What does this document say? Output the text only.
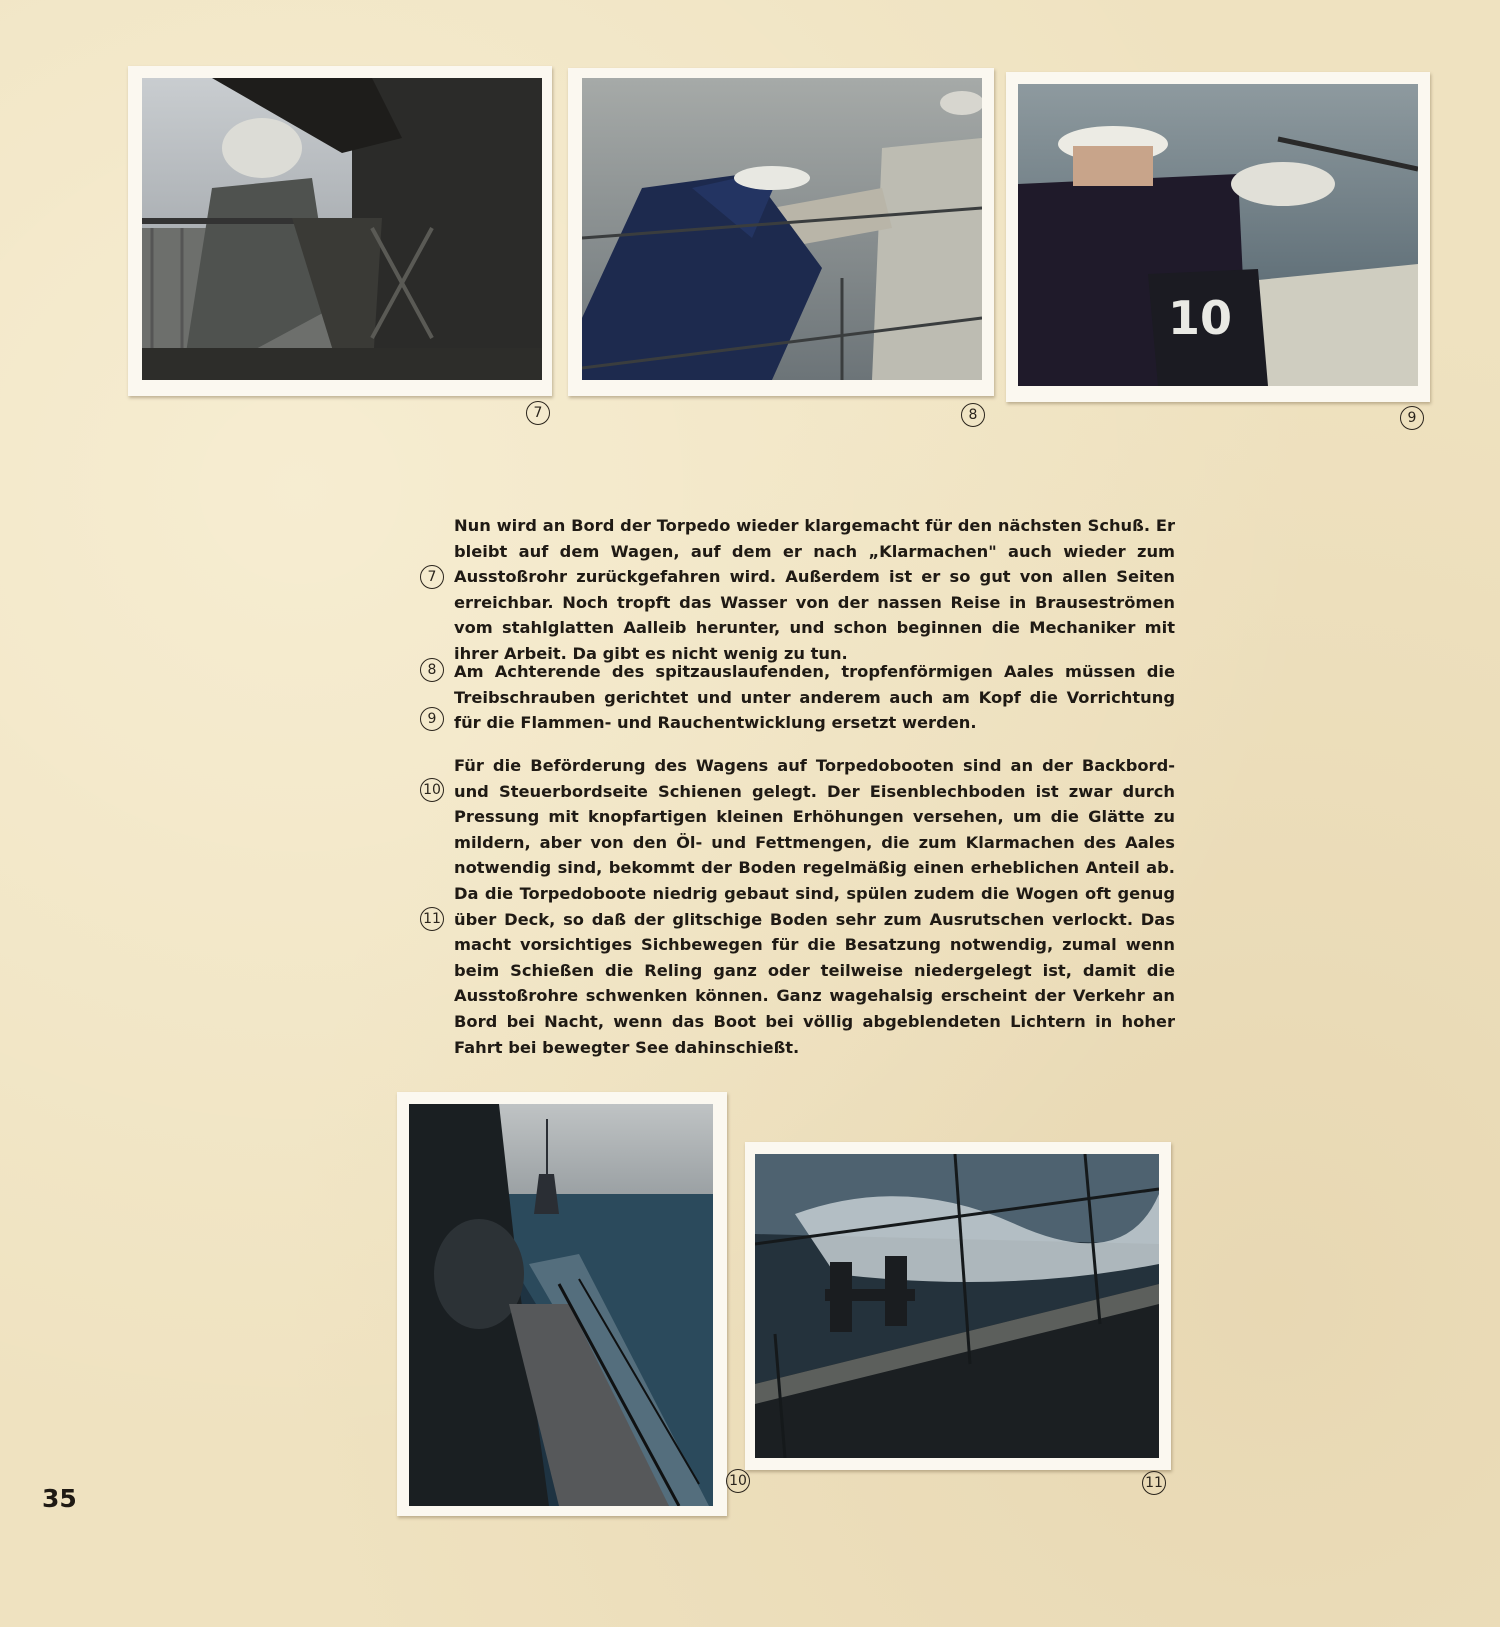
10
7	8	9

Nun wird an Bord der Torpedo wieder klargemacht für den nächsten Schuß. Er bleibt auf dem Wagen, auf dem er nach „Klarmachen" auch wieder zum Ausstoßrohr zurückgefahren wird. Außerdem ist er so gut von allen Seiten erreichbar. Noch tropft das Wasser von der nassen Reise in Brauseströmen vom stahlglatten Aalleib herunter, und schon beginnen die Mechaniker mit ihrer Arbeit. Da gibt es nicht wenig zu tun.

Am Achterende des spitzauslaufenden, tropfenförmigen Aales müssen die Treibschrauben gerichtet und unter anderem auch am Kopf die Vorrichtung für die Flammen- und Rauchentwicklung ersetzt werden.

Für die Beförderung des Wagens auf Torpedobooten sind an der Backbord- und Steuerbordseite Schienen gelegt. Der Eisenblechboden ist zwar durch Pressung mit knopfartigen kleinen Erhöhungen versehen, um die Glätte zu mildern, aber von den Öl- und Fettmengen, die zum Klarmachen des Aales notwendig sind, bekommt der Boden regelmäßig einen erheblichen Anteil ab. Da die Torpedoboote niedrig gebaut sind, spülen zudem die Wogen oft genug über Deck, so daß der glitschige Boden sehr zum Ausrutschen verlockt. Das macht vorsichtiges Sichbewegen für die Besatzung notwendig, zumal wenn beim Schießen die Reling ganz oder teilweise niedergelegt ist, damit die Ausstoßrohre schwenken können. Ganz wagehalsig erscheint der Verkehr an Bord bei Nacht, wenn das Boot bei völlig abgeblendeten Lichtern in hoher Fahrt bei bewegter See dahinschießt.

7
8
9
10
11
10	11
35
